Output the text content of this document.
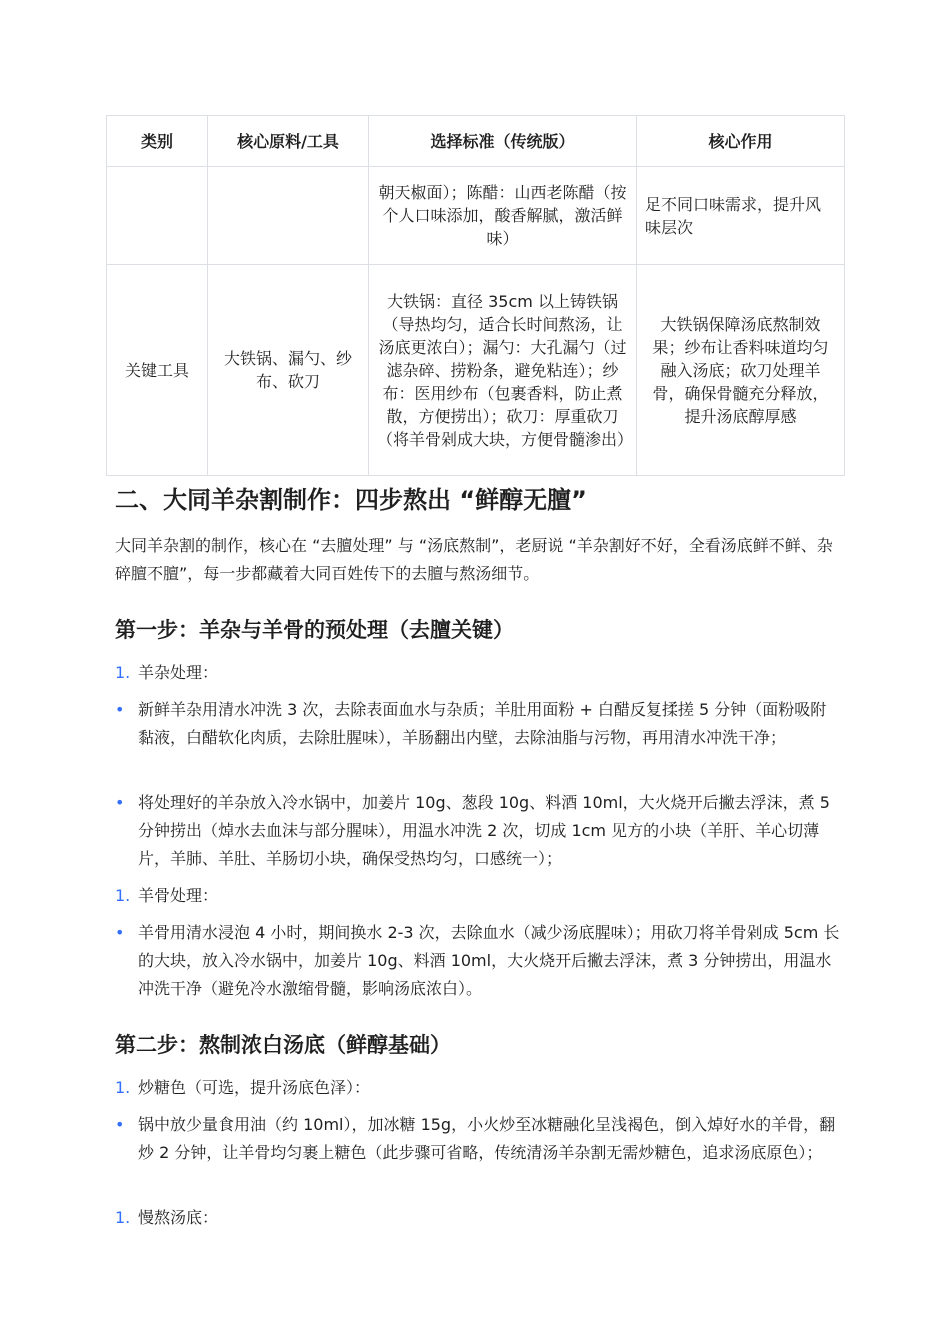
类别	核心原料/工具	选择标准（传统版）	核心作用
		朝天椒面）；陈醋：山西老陈醋（按个人口味添加，酸香解腻，激活鲜味）	足不同口味需求，提升风味层次
关键工具	大铁锅、漏勺、纱布、砍刀	大铁锅：直径 35cm 以上铸铁锅（导热均匀，适合长时间熬汤，让汤底更浓白）；漏勺：大孔漏勺（过滤杂碎、捞粉条，避免粘连）；纱布：医用纱布（包裹香料，防止煮散，方便捞出）；砍刀：厚重砍刀（将羊骨剁成大块，方便骨髓渗出）	大铁锅保障汤底熬制效果；纱布让香料味道均匀融入汤底；砍刀处理羊骨，确保骨髓充分释放，提升汤底醇厚感
二、大同羊杂割制作：四步熬出 “鲜醇无膻”

大同羊杂割的制作，核心在 “去膻处理” 与 “汤底熬制”，老厨说 “羊杂割好不好，全看汤底鲜不鲜、杂碎膻不膻”，每一步都藏着大同百姓传下的去膻与熬汤细节。

第一步：羊杂与羊骨的预处理（去膻关键）
1. 羊杂处理：
• 新鲜羊杂用清水冲洗 3 次，去除表面血水与杂质；羊肚用面粉 + 白醋反复揉搓 5 分钟（面粉吸附黏液，白醋软化肉质，去除肚腥味），羊肠翻出内壁，去除油脂与污物，再用清水冲洗干净；
• 将处理好的羊杂放入冷水锅中，加姜片 10g、葱段 10g、料酒 10ml，大火烧开后撇去浮沫，煮 5 分钟捞出（焯水去血沫与部分腥味），用温水冲洗 2 次，切成 1cm 见方的小块（羊肝、羊心切薄片，羊肺、羊肚、羊肠切小块，确保受热均匀，口感统一）；
1. 羊骨处理：
• 羊骨用清水浸泡 4 小时，期间换水 2-3 次，去除血水（减少汤底腥味）；用砍刀将羊骨剁成 5cm 长的大块，放入冷水锅中，加姜片 10g、料酒 10ml，大火烧开后撇去浮沫，煮 3 分钟捞出，用温水冲洗干净（避免冷水激缩骨髓，影响汤底浓白）。
第二步：熬制浓白汤底（鲜醇基础）
1. 炒糖色（可选，提升汤底色泽）：
• 锅中放少量食用油（约 10ml），加冰糖 15g，小火炒至冰糖融化呈浅褐色，倒入焯好水的羊骨，翻炒 2 分钟，让羊骨均匀裹上糖色（此步骤可省略，传统清汤羊杂割无需炒糖色，追求汤底原色）；
1. 慢熬汤底：
